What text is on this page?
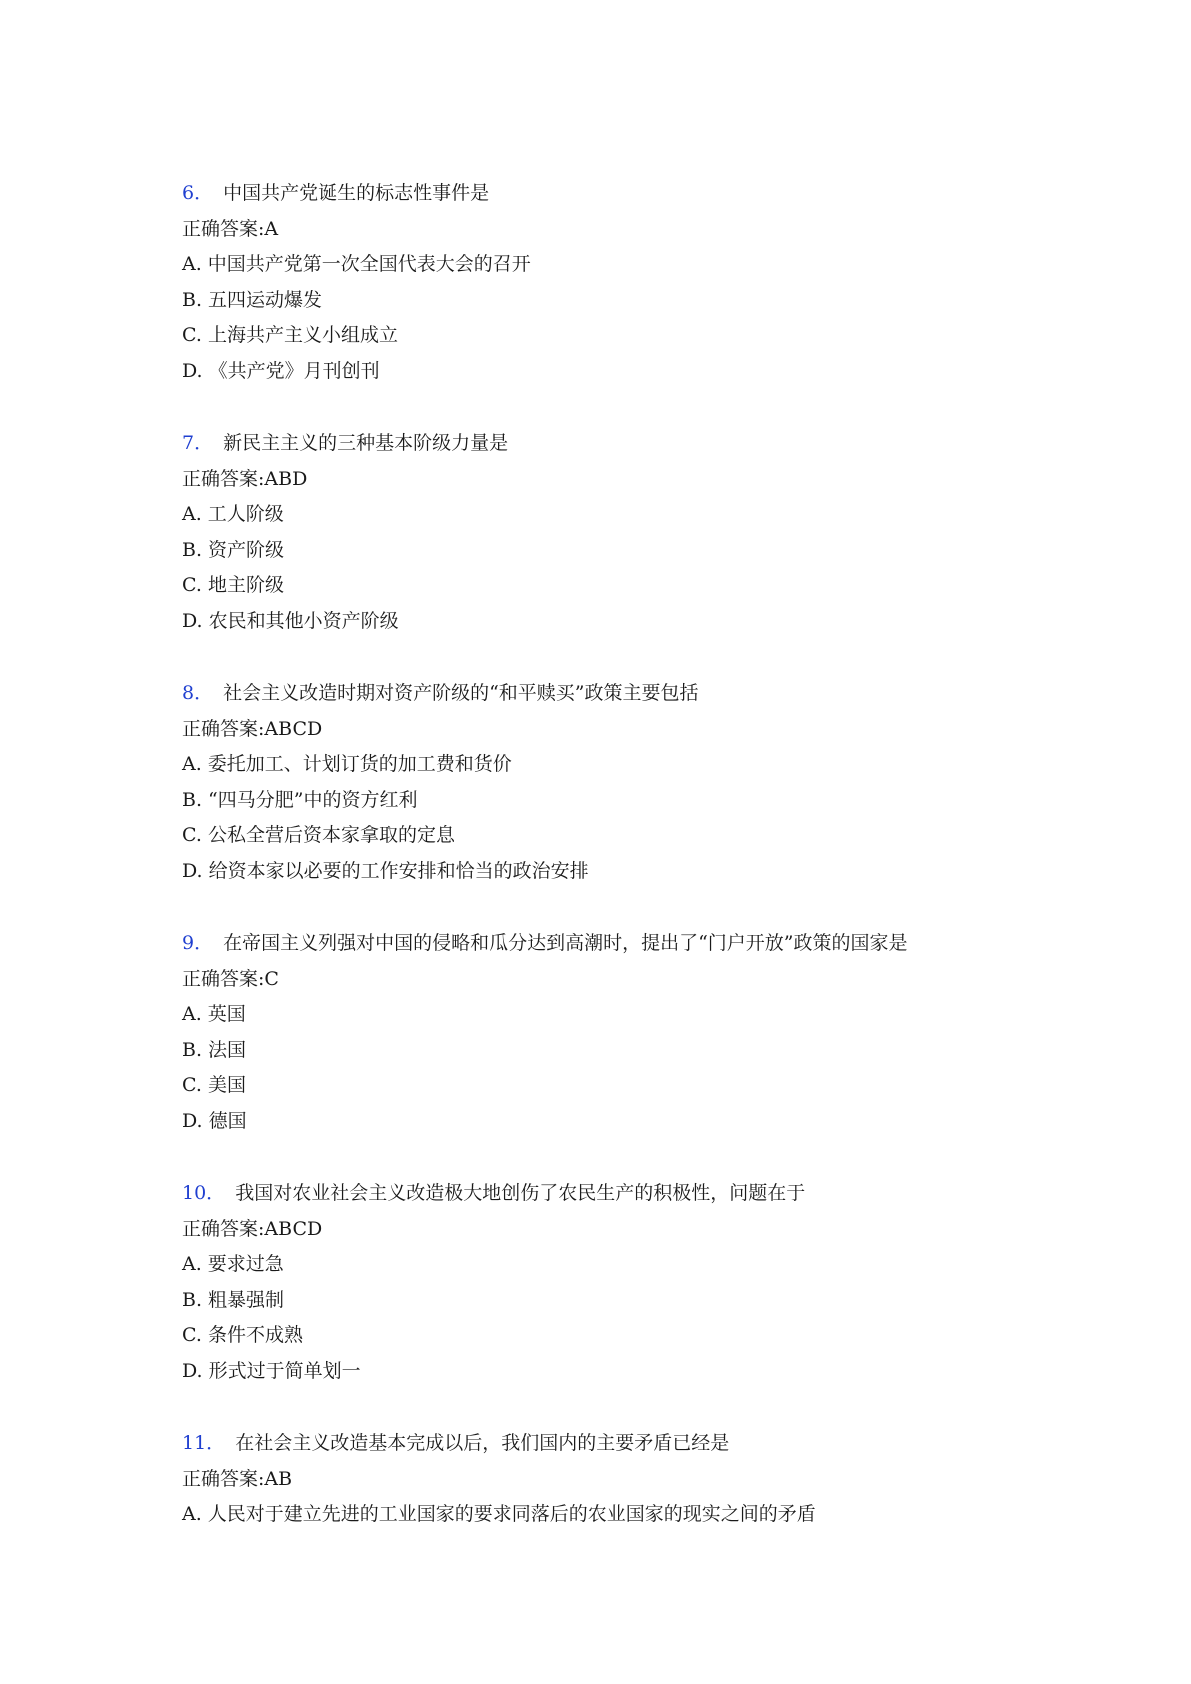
6． 中国共产党诞生的标志性事件是
正确答案:A
A. 中国共产党第一次全国代表大会的召开
B. 五四运动爆发
C. 上海共产主义小组成立
D. 《共产党》月刊创刊
7． 新民主主义的三种基本阶级力量是
正确答案:ABD
A. 工人阶级
B. 资产阶级
C. 地主阶级
D. 农民和其他小资产阶级
8． 社会主义改造时期对资产阶级的“和平赎买”政策主要包括
正确答案:ABCD
A. 委托加工、计划订货的加工费和货价
B. “四马分肥”中的资方红利
C. 公私全营后资本家拿取的定息
D. 给资本家以必要的工作安排和恰当的政治安排
9． 在帝国主义列强对中国的侵略和瓜分达到高潮时，提出了“门户开放”政策的国家是
正确答案:C
A. 英国
B. 法国
C. 美国
D. 德国
10． 我国对农业社会主义改造极大地创伤了农民生产的积极性，问题在于
正确答案:ABCD
A. 要求过急
B. 粗暴强制
C. 条件不成熟
D. 形式过于简单划一
11． 在社会主义改造基本完成以后，我们国内的主要矛盾已经是
正确答案:AB
A. 人民对于建立先进的工业国家的要求同落后的农业国家的现实之间的矛盾
